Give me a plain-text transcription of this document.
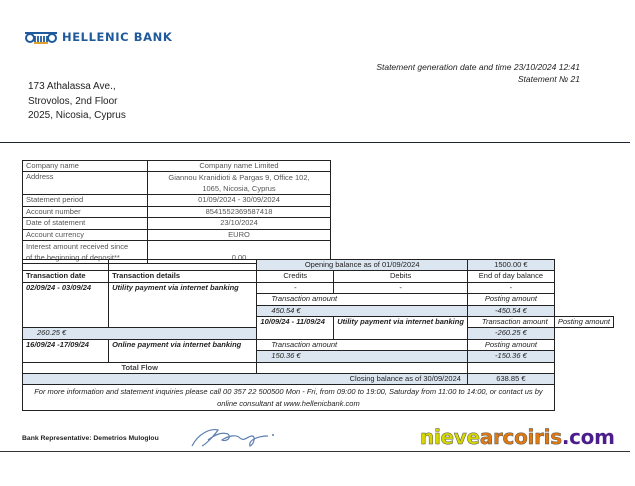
HELLENIC BANK
173 Athalassa Ave.,
Strovolos, 2nd Floor
2025, Nicosia, Cyprus
Statement generation date and time 23/10/2024 12:41
Statement № 21
Company name	Company name Limited
Address	Giannou Kranidioti & Pargas 9, Office 102,
1065, Nicosia, Cyprus

Statement period	01/09/2024 - 30/09/2024
Account number	8541552369587418
Date of statement	23/10/2024
Account currency	EURO

Interest amount received since
of the beginning of deposit**	0.00
		Opening balance as of 01/09/2024		1500.00 €	
Transaction date	Transaction details	Credits	Debits	End of day balance	
02/09/24 - 03/09/24	Utility payment via internet banking	-	-	-	
		Transaction amount		Posting amount	
		450.54 €		-450.54 €	
		10/09/24 - 11/09/24	Utility payment via internet banking	Transaction amount	Posting amount
260.25 €				-260.25 €	
16/09/24 -17/09/24	Online payment via internet banking	Transaction amount		Posting amount	
		150.36 €		-150.36 €	
Total Flow					
Closing balance as of 30/09/2024				638.85 €	
For more information and statement inquiries please call 00 357 22 500500 Mon - Fri, from 09:00 to 19:00, Saturday from 11:00 to 14:00, or contact us by online consultant at www.hellenicbank.com					
Bank Representative: Demetrios Muloglou	nievearcoiris.com
